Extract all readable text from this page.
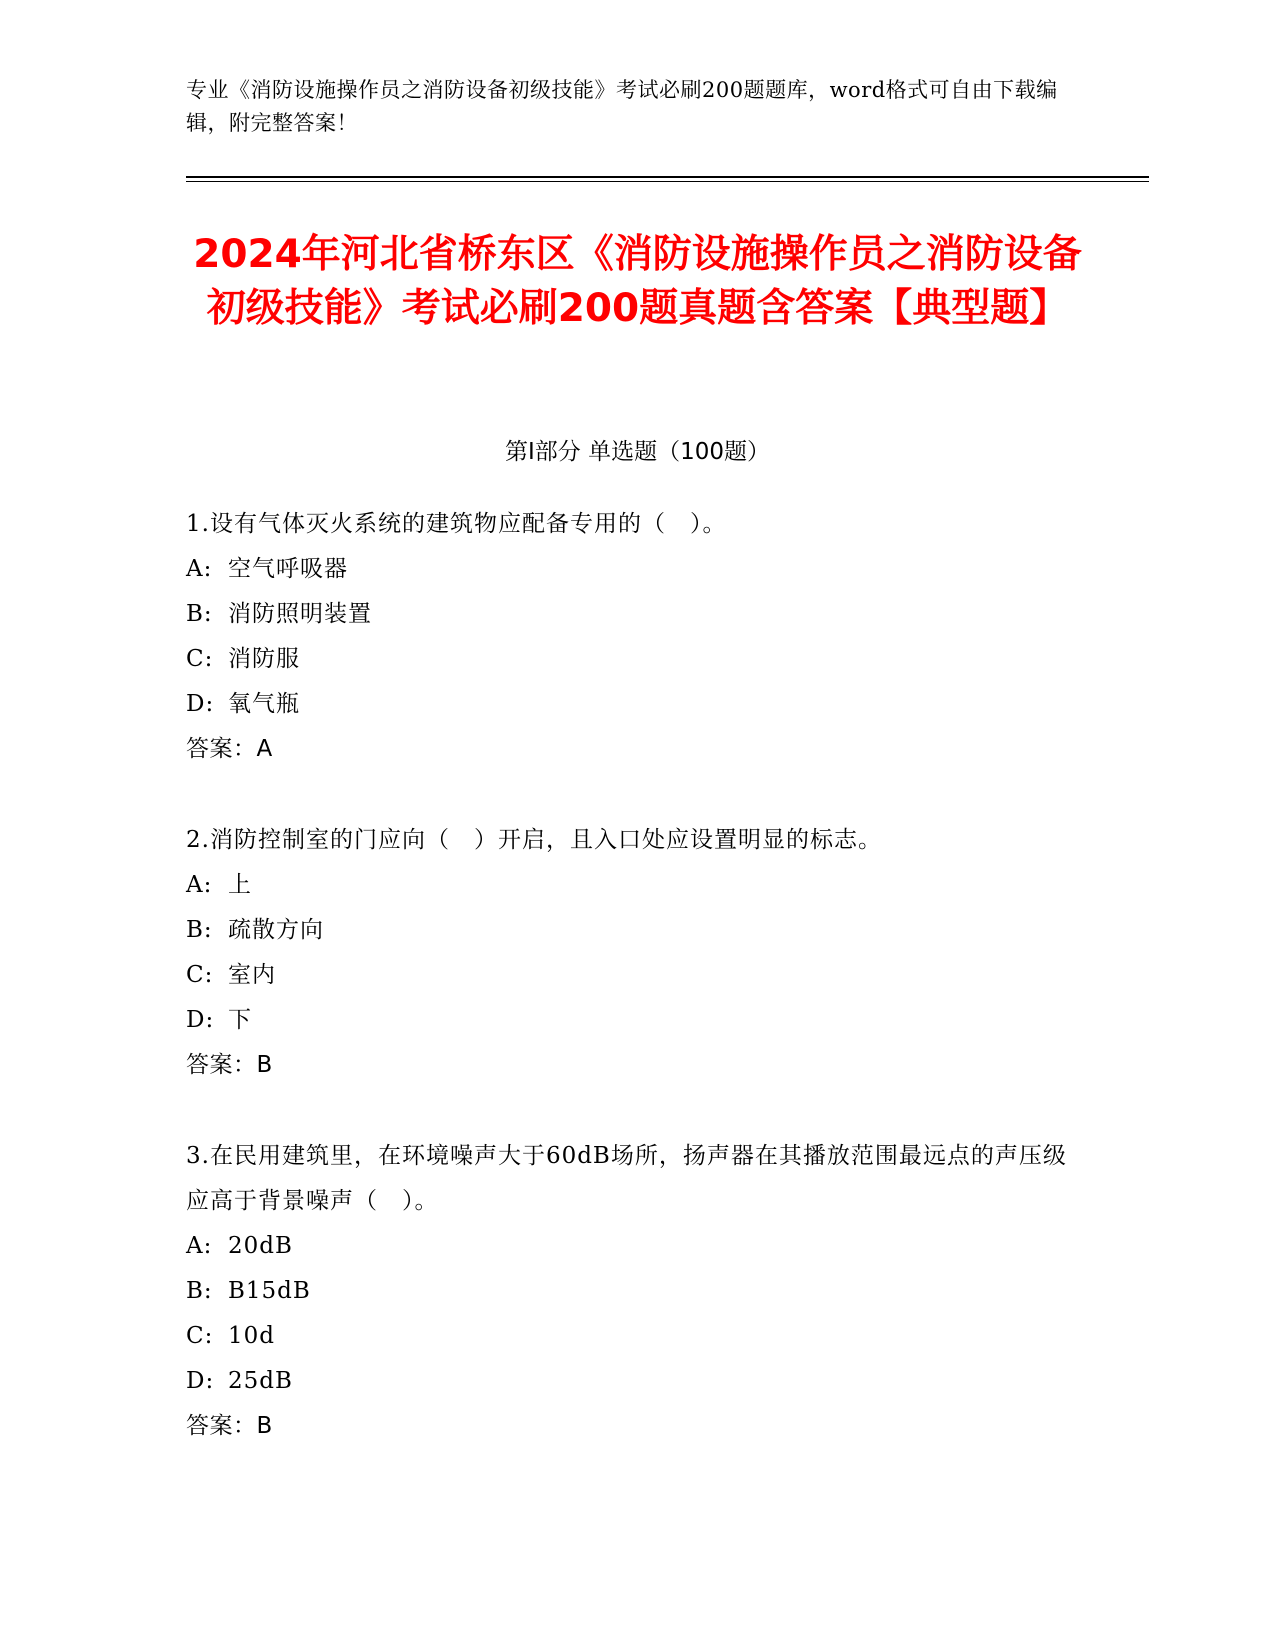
专业《消防设施操作员之消防设备初级技能》考试必刷200题题库，word格式可自由下载编辑，附完整答案！
2024年河北省桥东区《消防设施操作员之消防设备初级技能》考试必刷200题真题含答案【典型题】
第Ⅰ部分 单选题（100题）

1.设有气体灭火系统的建筑物应配备专用的（　）。

A: 空气呼吸器

B: 消防照明装置

C: 消防服

D: 氧气瓶

答案：A

2.消防控制室的门应向（　）开启，且入口处应设置明显的标志。

A: 上

B: 疏散方向

C: 室内

D: 下

答案：B

3.在民用建筑里，在环境噪声大于60dB场所，扬声器在其播放范围最远点的声压级应高于背景噪声（　）。

A: 20dB

B: B15dB

C: 10d

D: 25dB

答案：B
